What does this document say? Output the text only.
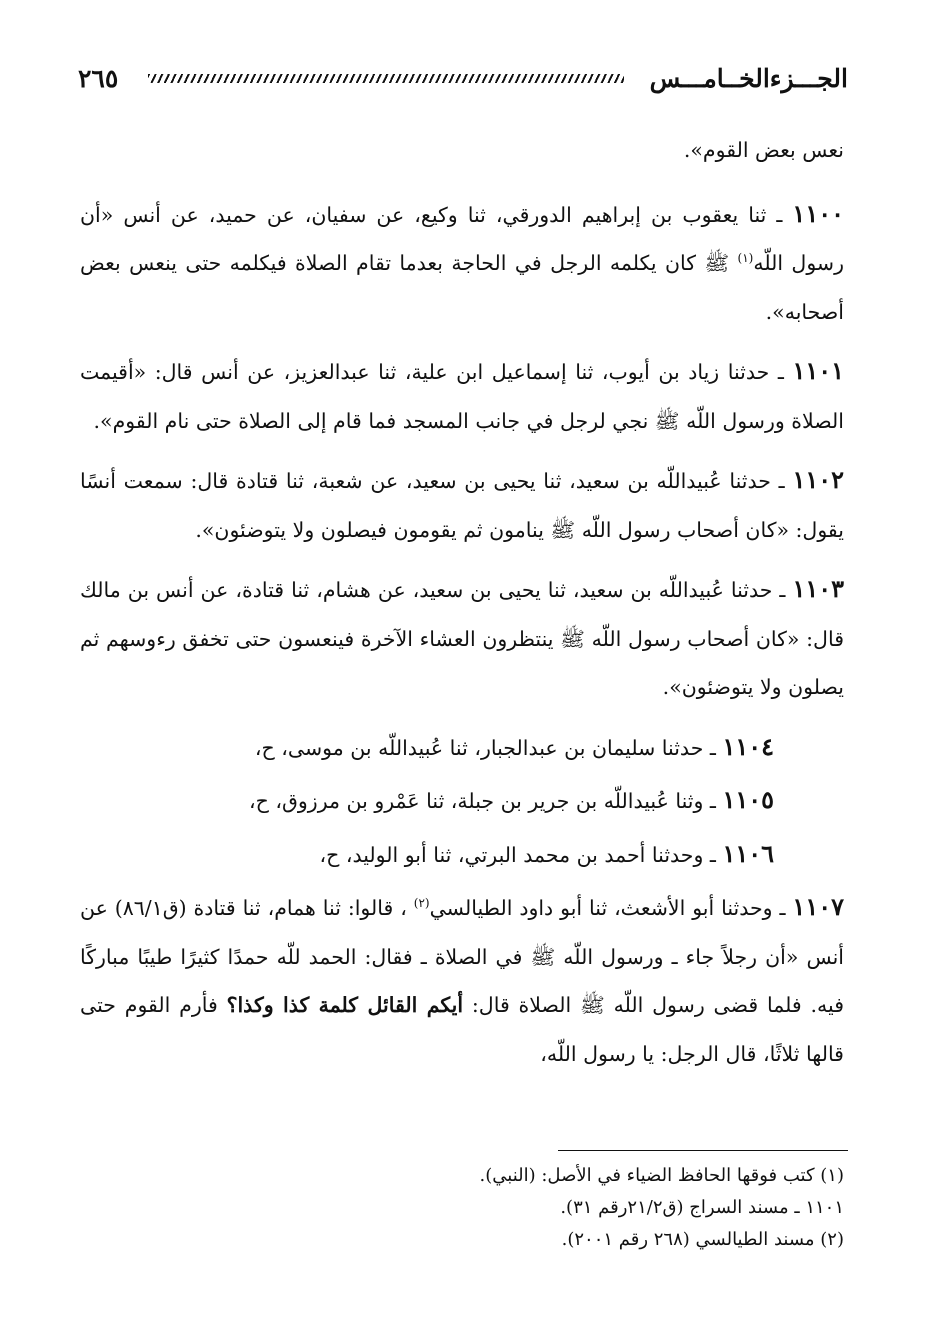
الجـــزءالخــامـــس
٢٦٥

نعس بعض القوم».

١١٠٠ ـ ثنا يعقوب بن إبراهيم الدورقي، ثنا وكيع، عن سفيان، عن حميد، عن أنس «أن رسول اللّه$^{(١)}$ ﷺ كان يكلمه الرجل في الحاجة بعدما تقام الصلاة فيكلمه حتى ينعس بعض أصحابه».

١١٠١ ـ حدثنا زياد بن أيوب، ثنا إسماعيل ابن علية، ثنا عبدالعزيز، عن أنس قال: «أقيمت الصلاة ورسول اللّه ﷺ نجي لرجل في جانب المسجد فما قام إلى الصلاة حتى نام القوم».

١١٠٢ ـ حدثنا عُبيداللّه بن سعيد، ثنا يحيى بن سعيد، عن شعبة، ثنا قتادة قال: سمعت أنسًا يقول: «كان أصحاب رسول اللّه ﷺ ينامون ثم يقومون فيصلون ولا يتوضئون».

١١٠٣ ـ حدثنا عُبيداللّه بن سعيد، ثنا يحيى بن سعيد، عن هشام، ثنا قتادة، عن أنس بن مالك قال: «كان أصحاب رسول اللّه ﷺ ينتظرون العشاء الآخرة فينعسون حتى تخفق رءوسهم ثم يصلون ولا يتوضئون».

١١٠٤ ـ حدثنا سليمان بن عبدالجبار، ثنا عُبيداللّه بن موسى، ح،

١١٠٥ ـ وثنا عُبيداللّه بن جرير بن جبلة، ثنا عَمْرو بن مرزوق، ح،

١١٠٦ ـ وحدثنا أحمد بن محمد البرتي، ثنا أبو الوليد، ح،

١١٠٧ ـ وحدثنا أبو الأشعث، ثنا أبو داود الطيالسي$^{(٢)}$ ، قالوا: ثنا همام، ثنا قتادة (ق٨٦/١) عن أنس «أن رجلاً جاء ـ ورسول اللّه ﷺ في الصلاة ـ فقال: الحمد للّه حمدًا كثيرًا طيبًا مباركًا فيه. فلما قضى رسول اللّه ﷺ الصلاة قال: أيكم القائل كلمة كذا وكذا؟ فأرم القوم حتى قالها ثلاثًا، قال الرجل: يا رسول اللّه،

(١) كتب فوقها الحافظ الضياء في الأصل: (النبي).
١١٠١ ـ مسند السراج (ق٢١/٢رقم ٣١).
(٢) مسند الطيالسي (٢٦٨ رقم ٢٠٠١).
